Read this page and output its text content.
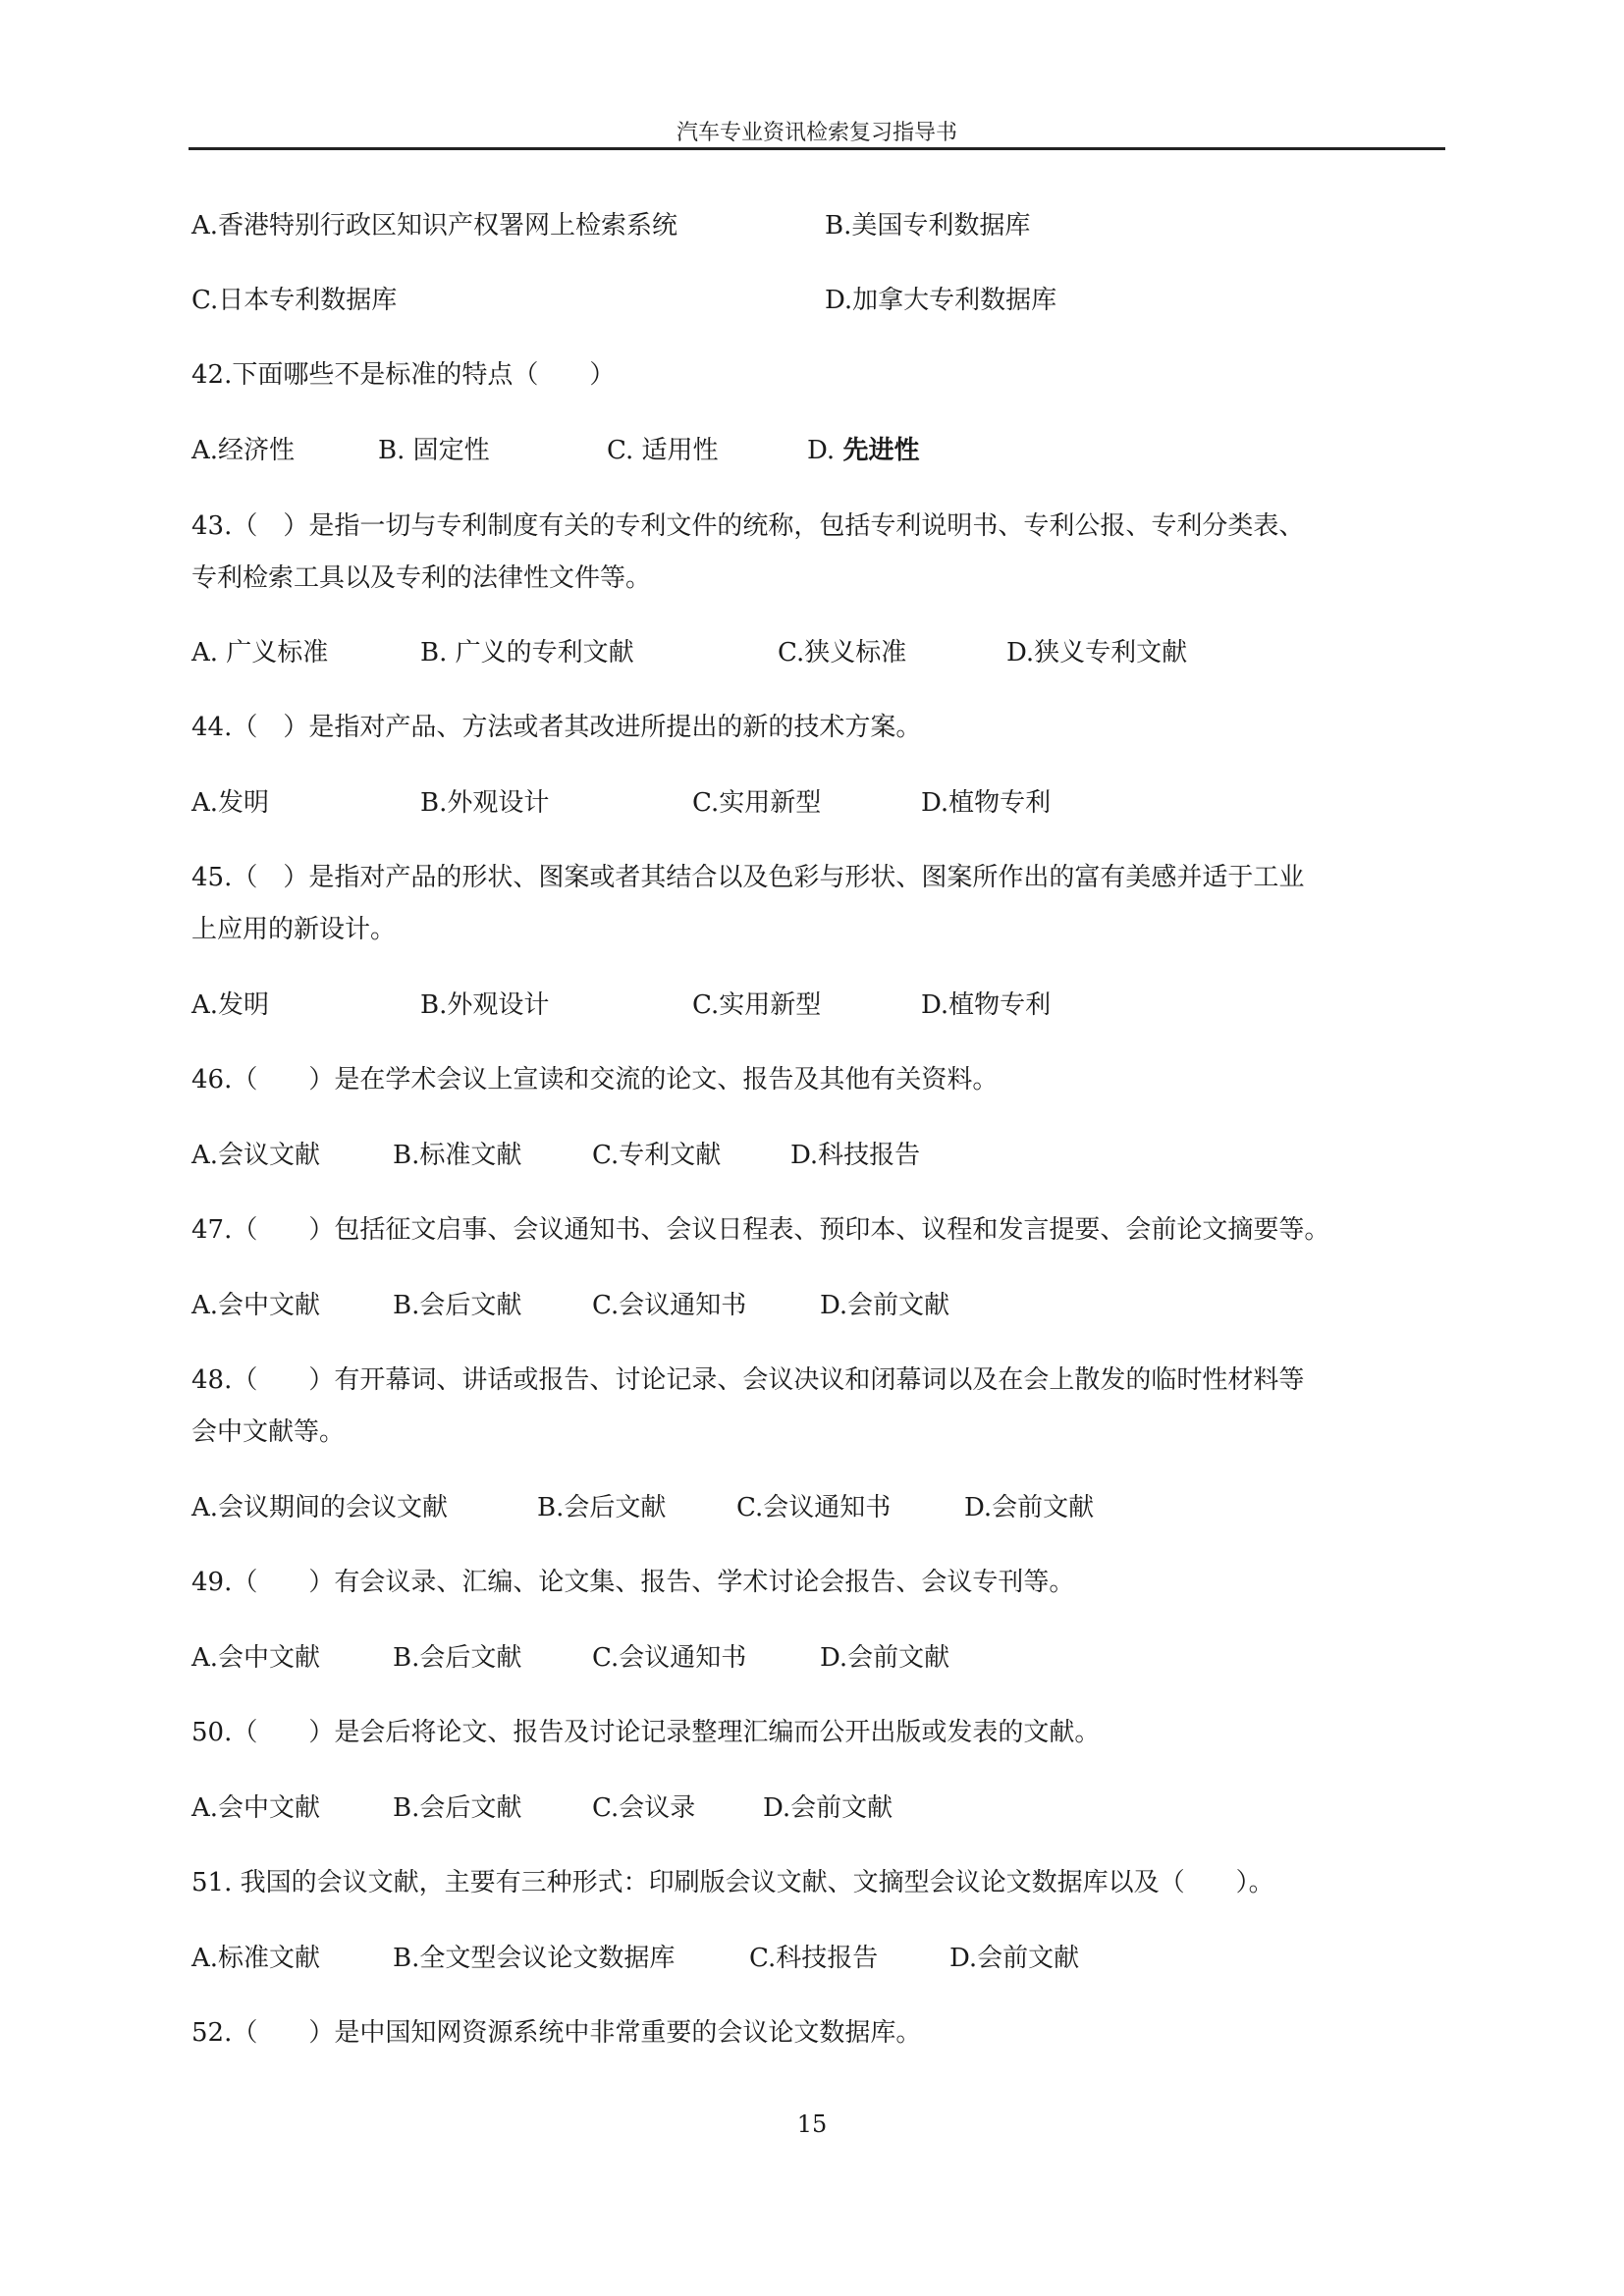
汽车专业资讯检索复习指导书
A.香港特别行政区知识产权署网上检索系统	B.美国专利数据库
C.日本专利数据库	D.加拿大专利数据库
42.下面哪些不是标准的特点（　　）
A.经济性	B. 固定性	C. 适用性	D. 先进性
43.（　）是指一切与专利制度有关的专利文件的统称，包括专利说明书、专利公报、专利分类表、
专利检索工具以及专利的法律性文件等。
A. 广义标准	B. 广义的专利文献	C.狭义标准	D.狭义专利文献
44.（　）是指对产品、方法或者其改进所提出的新的技术方案。
A.发明	B.外观设计	C.实用新型	D.植物专利
45.（　）是指对产品的形状、图案或者其结合以及色彩与形状、图案所作出的富有美感并适于工业
上应用的新设计。
A.发明	B.外观设计	C.实用新型	D.植物专利
46.（　　）是在学术会议上宣读和交流的论文、报告及其他有关资料。
A.会议文献	B.标准文献	C.专利文献	D.科技报告
47.（　　）包括征文启事、会议通知书、会议日程表、预印本、议程和发言提要、会前论文摘要等。
A.会中文献	B.会后文献	C.会议通知书	D.会前文献
48.（　　）有开幕词、讲话或报告、讨论记录、会议决议和闭幕词以及在会上散发的临时性材料等
会中文献等。
A.会议期间的会议文献	B.会后文献	C.会议通知书	D.会前文献
49.（　　）有会议录、汇编、论文集、报告、学术讨论会报告、会议专刊等。
A.会中文献	B.会后文献	C.会议通知书	D.会前文献
50.（　　）是会后将论文、报告及讨论记录整理汇编而公开出版或发表的文献。
A.会中文献	B.会后文献	C.会议录	D.会前文献
51. 我国的会议文献，主要有三种形式：印刷版会议文献、文摘型会议论文数据库以及（　　）。
A.标准文献	B.全文型会议论文数据库	C.科技报告	D.会前文献
52.（　　）是中国知网资源系统中非常重要的会议论文数据库。
15
